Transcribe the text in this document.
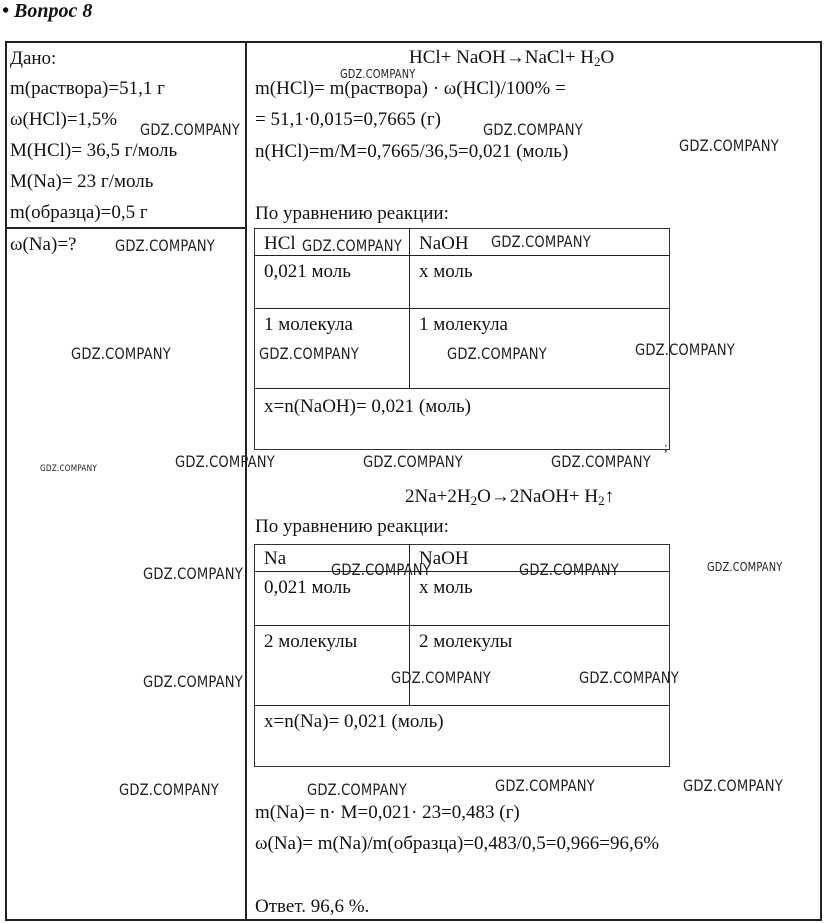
• Вопрос 8
Дано:
m(раствора)=51,1 г
ω(HCl)=1,5%
M(HCl)= 36,5 г/моль
M(Na)= 23 г/моль
m(образца)=0,5 г
ω(Na)=?
HCl+ NaOH→NaCl+ $H_2O$
m(HCl)= m(раствора) · ω(HCl)/100% =
= 51,1·0,015=0,7665 (г)
n(HCl)=m/M=0,7665/36,5=0,021 (моль)
По уравнению реакции:
HCl	NaOH
0,021 моль	x моль
1 молекула	1 молекула
x=n(NaOH)= 0,021 (моль)
;
$2Na+2H_2O\to 2NaOH+$ $H_2↑$
По уравнению реакции:
Na	NaOH
0,021 моль	x моль
2 молекулы	2 молекулы
x=n(Na)= 0,021 (моль)
m(Na)= n· M=0,021· 23=0,483 (г)
ω(Na)= m(Na)/m(образца)=0,483/0,5=0,966=96,6%
Ответ. 96,6 %.
GDZ.COMPANY
GDZ.COMPANY	GDZ.COMPANY
GDZ.COMPANY
GDZ.COMPANY	GDZ.COMPANY	GDZ.COMPANY
GDZ.COMPANY	GDZ.COMPANY	GDZ.COMPANY	GDZ.COMPANY
GDZ.COMPANY	GDZ.COMPANY	GDZ.COMPANY	GDZ.COMPANY
GDZ.COMPANY	GDZ.COMPANY	GDZ.COMPANY	GDZ.COMPANY
GDZ.COMPANY	GDZ.COMPANY	GDZ.COMPANY
GDZ.COMPANY	GDZ.COMPANY	GDZ.COMPANY	GDZ.COMPANY
